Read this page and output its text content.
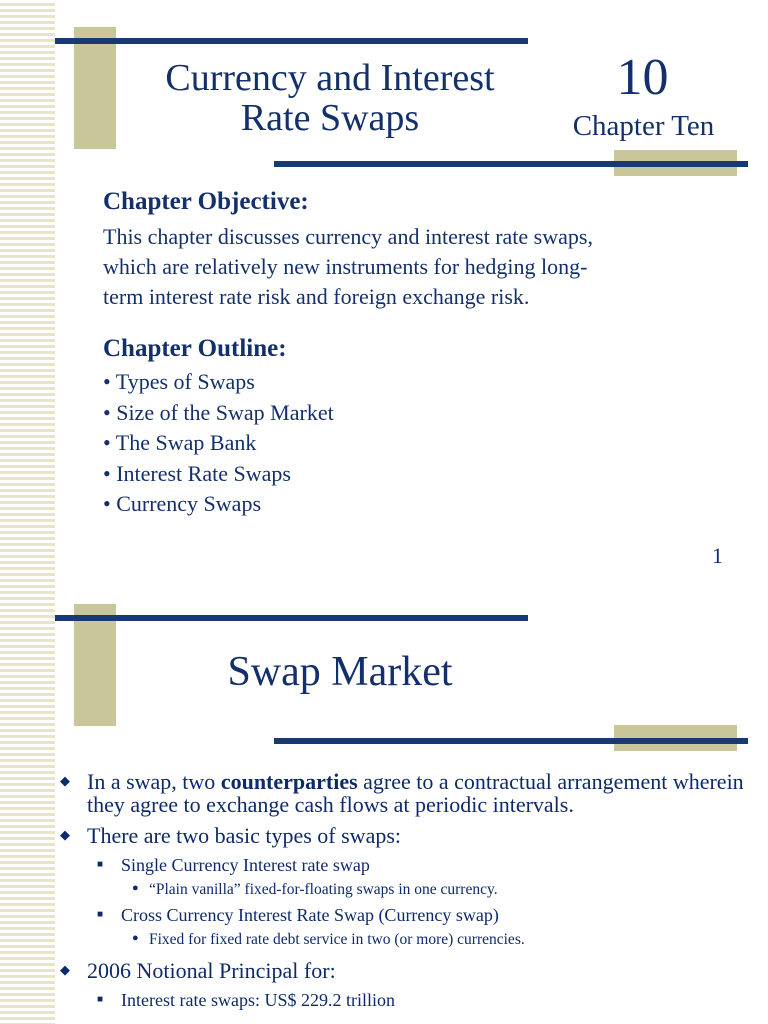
Currency and Interest
Rate Swaps
10
Chapter Ten
Chapter Objective:
This chapter discusses currency and interest rate swaps,
which are relatively new instruments for hedging long-
term interest rate risk and foreign exchange risk.
Chapter Outline:
• Types of Swaps
• Size of the Swap Market
• The Swap Bank
• Interest Rate Swaps
• Currency Swaps
1
Swap Market
◆ In a swap, two counterparties agree to a contractual arrangement wherein they agree to exchange cash flows at periodic intervals.
◆ There are two basic types of swaps:
■ Single Currency Interest rate swap
● “Plain vanilla” fixed-for-floating swaps in one currency.
■ Cross Currency Interest Rate Swap (Currency swap)
● Fixed for fixed rate debt service in two (or more) currencies.
◆ 2006 Notional Principal for:
■ Interest rate swaps: US$ 229.2 trillion
